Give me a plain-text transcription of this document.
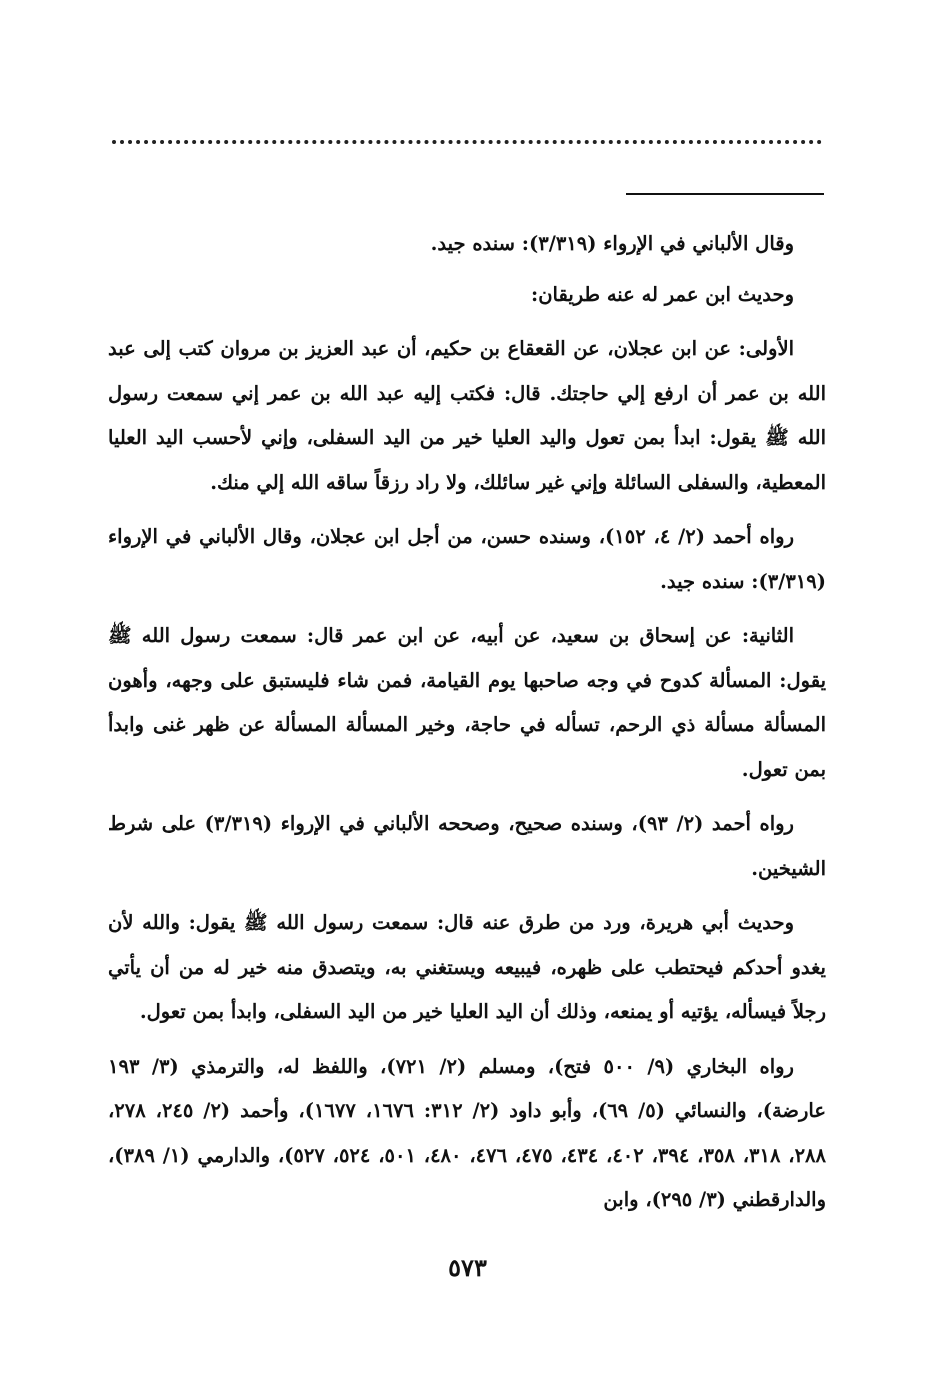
وقال الألباني في الإرواء (٣/٣١٩): سنده جيد.

وحديث ابن عمر له عنه طريقان:

الأولى: عن ابن عجلان، عن القعقاع بن حكيم، أن عبد العزيز بن مروان كتب إلى عبد الله بن عمر أن ارفع إلي حاجتك. قال: فكتب إليه عبد الله بن عمر إني سمعت رسول الله ﷺ يقول: ابدأ بمن تعول واليد العليا خير من اليد السفلى، وإني لأحسب اليد العليا المعطية، والسفلى السائلة وإني غير سائلك، ولا راد رزقاً ساقه الله إلي منك.

رواه أحمد (٢/ ٤، ١٥٢)، وسنده حسن، من أجل ابن عجلان، وقال الألباني في الإرواء (٣/٣١٩): سنده جيد.

الثانية: عن إسحاق بن سعيد، عن أبيه، عن ابن عمر قال: سمعت رسول الله ﷺ يقول: المسألة كدوح في وجه صاحبها يوم القيامة، فمن شاء فليستبق على وجهه، وأهون المسألة مسألة ذي الرحم، تسأله في حاجة، وخير المسألة المسألة عن ظهر غنى وابدأ بمن تعول.

رواه أحمد (٢/ ٩٣)، وسنده صحيح، وصححه الألباني في الإرواء (٣/٣١٩) على شرط الشيخين.

وحديث أبي هريرة، ورد من طرق عنه قال: سمعت رسول الله ﷺ يقول: والله لأن يغدو أحدكم فيحتطب على ظهره، فيبيعه ويستغني به، ويتصدق منه خير له من أن يأتي رجلاً فيسأله، يؤتيه أو يمنعه، وذلك أن اليد العليا خير من اليد السفلى، وابدأ بمن تعول.

رواه البخاري (٩/ ٥٠٠ فتح)، ومسلم (٢/ ٧٢١)، واللفظ له، والترمذي (٣/ ١٩٣ عارضة)، والنسائي (٥/ ٦٩)، وأبو داود (٢/ ٣١٢: ١٦٧٦، ١٦٧٧)، وأحمد (٢/ ٢٤٥، ٢٧٨، ٢٨٨، ٣١٨، ٣٥٨، ٣٩٤، ٤٠٢، ٤٣٤، ٤٧٥، ٤٧٦، ٤٨٠، ٥٠١، ٥٢٤، ٥٢٧)، والدارمي (١/ ٣٨٩)، والدارقطني (٣/ ٢٩٥)، وابن

٥٧٣
